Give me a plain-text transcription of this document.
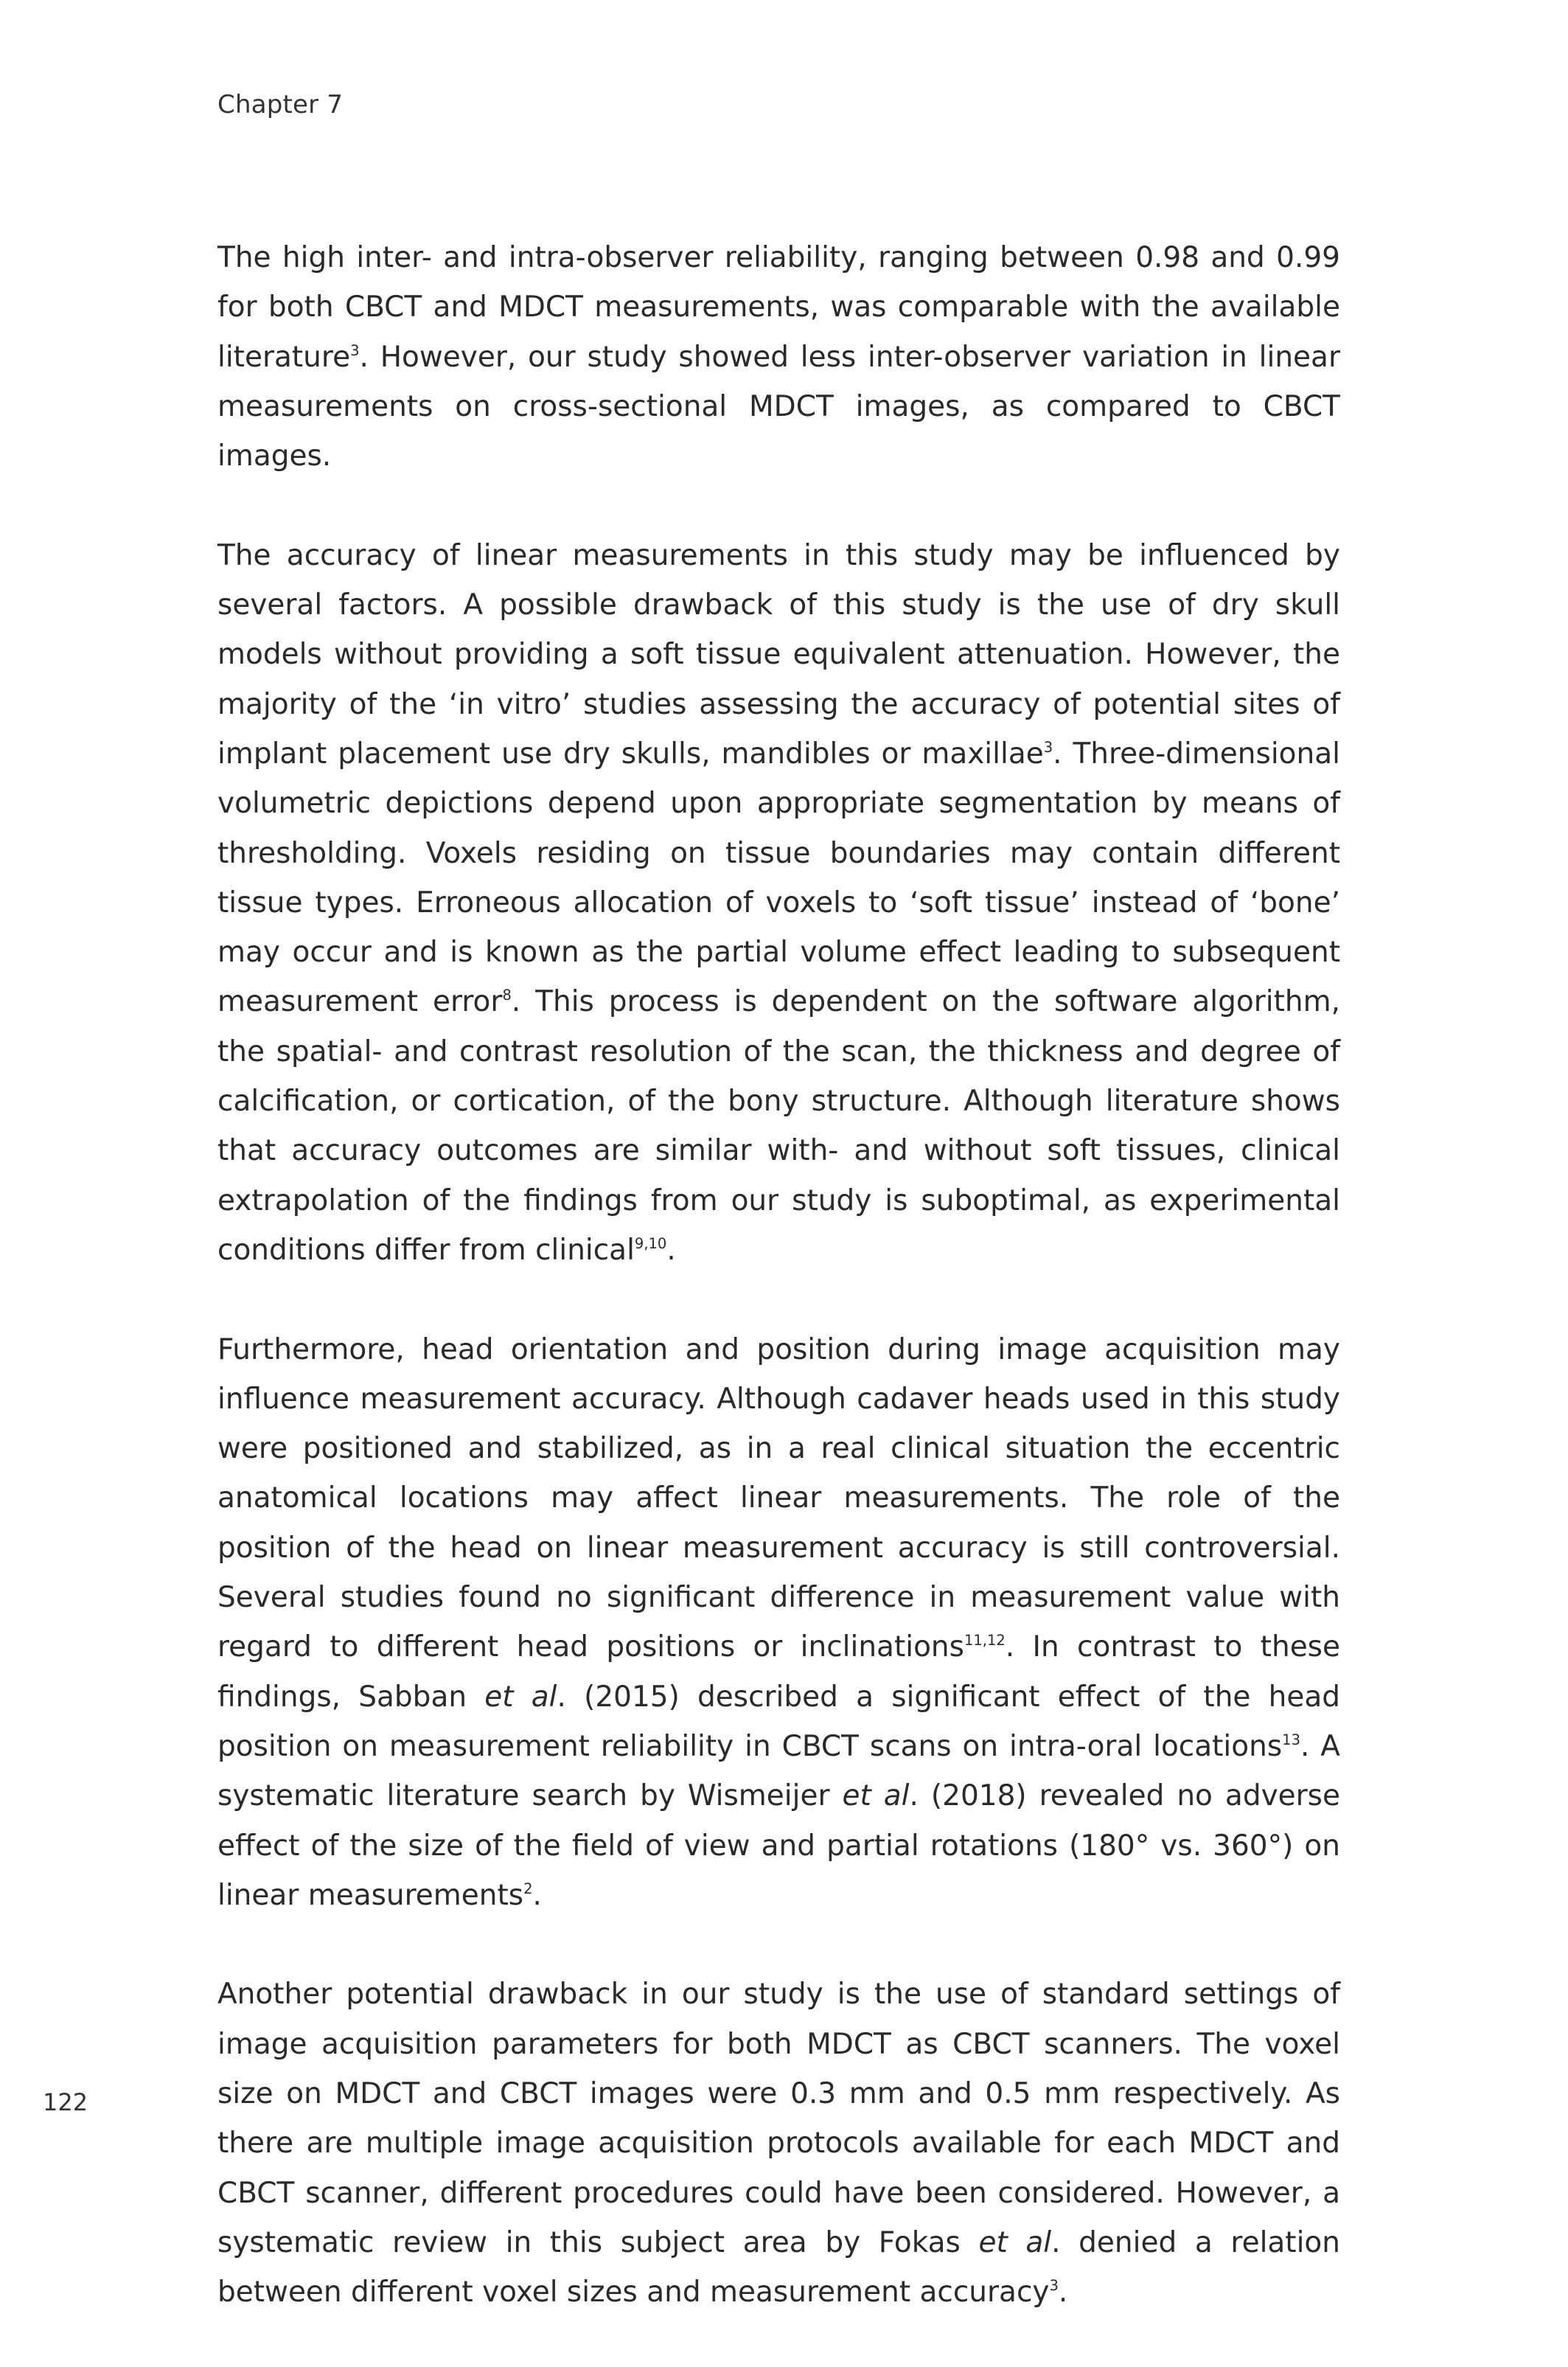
Chapter 7

The high inter- and intra-observer reliability, ranging between 0.98 and 0.99 for both CBCT and MDCT measurements, was comparable with the available literature$^3$. However, our study showed less inter-observer variation in linear measurements on cross-sectional MDCT images, as compared to CBCT images.

The accuracy of linear measurements in this study may be influenced by several factors. A possible drawback of this study is the use of dry skull models without providing a soft tissue equivalent attenuation. However, the majority of the ‘in vitro’ studies assessing the accuracy of potential sites of implant placement use dry skulls, mandibles or maxillae$^3$. Three-dimensional volumetric depictions depend upon appropriate segmentation by means of thresholding. Voxels residing on tissue boundaries may contain different tissue types. Erroneous allocation of voxels to ‘soft tissue’ instead of ‘bone’ may occur and is known as the partial volume effect leading to subsequent measurement error$^8$. This process is dependent on the software algorithm, the spatial- and contrast resolution of the scan, the thickness and degree of calcification, or cortication, of the bony structure. Although literature shows that accuracy outcomes are similar with- and without soft tissues, clinical extrapolation of the findings from our study is suboptimal, as experimental conditions differ from clinical$^{9,10}$.

Furthermore, head orientation and position during image acquisition may influence measurement accuracy. Although cadaver heads used in this study were positioned and stabilized, as in a real clinical situation the eccentric anatomical locations may affect linear measurements. The role of the position of the head on linear measurement accuracy is still controversial. Several studies found no significant difference in measurement value with regard to different head positions or inclinations$^{11,12}$. In contrast to these findings, Sabban et al. (2015) described a significant effect of the head position on measurement reliability in CBCT scans on intra-oral locations$^{13}$. A systematic literature search by Wismeijer et al. (2018) revealed no adverse effect of the size of the field of view and partial rotations (180° vs. 360°) on linear measurements$^2$.

Another potential drawback in our study is the use of standard settings of image acquisition parameters for both MDCT as CBCT scanners. The voxel size on MDCT and CBCT images were 0.3 mm and 0.5 mm respectively. As there are multiple image acquisition protocols available for each MDCT and CBCT scanner, different procedures could have been considered. However, a systematic review in this subject area by Fokas et al. denied a relation between different voxel sizes and measurement accuracy$^3$.

122
